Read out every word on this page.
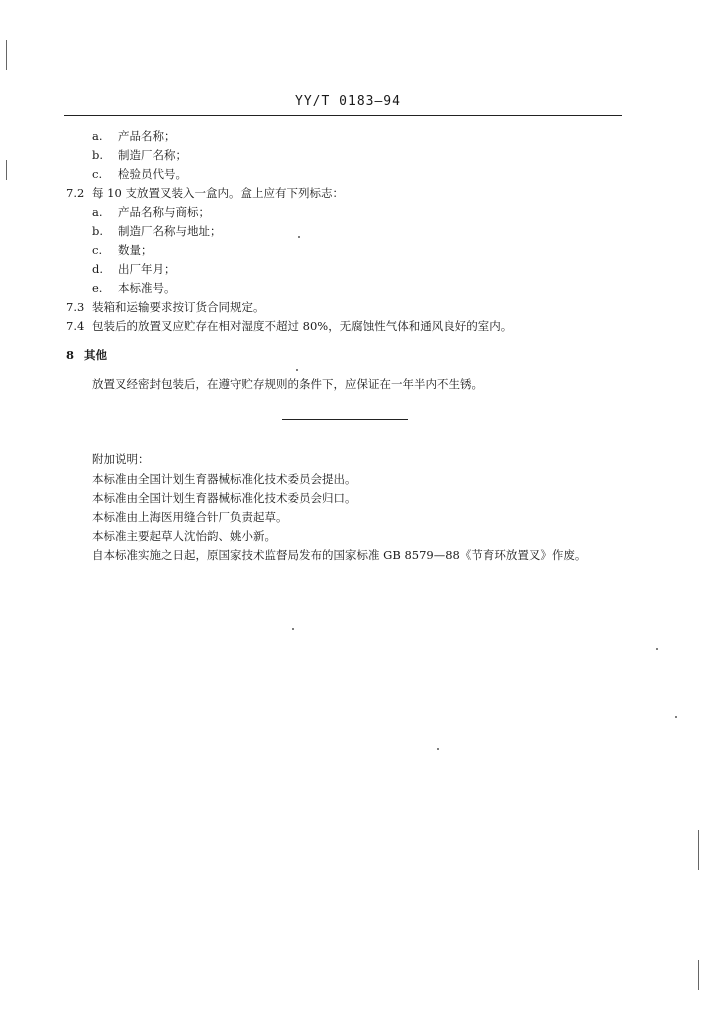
YY/T 0183—94
a. 产品名称；
b. 制造厂名称；
c. 检验员代号。
7.2 每 10 支放置叉装入一盒内。盒上应有下列标志：
a. 产品名称与商标；
b. 制造厂名称与地址；
c. 数量；
d. 出厂年月；
e. 本标准号。
7.3 装箱和运输要求按订货合同规定。
7.4 包装后的放置叉应贮存在相对湿度不超过 80%，无腐蚀性气体和通风良好的室内。
8 其他
放置叉经密封包装后，在遵守贮存规则的条件下，应保证在一年半内不生锈。
附加说明：
本标准由全国计划生育器械标准化技术委员会提出。
本标准由全国计划生育器械标准化技术委员会归口。
本标准由上海医用缝合针厂负责起草。
本标准主要起草人沈怡韵、姚小新。
自本标准实施之日起，原国家技术监督局发布的国家标准 GB 8579—88《节育环放置叉》作废。
